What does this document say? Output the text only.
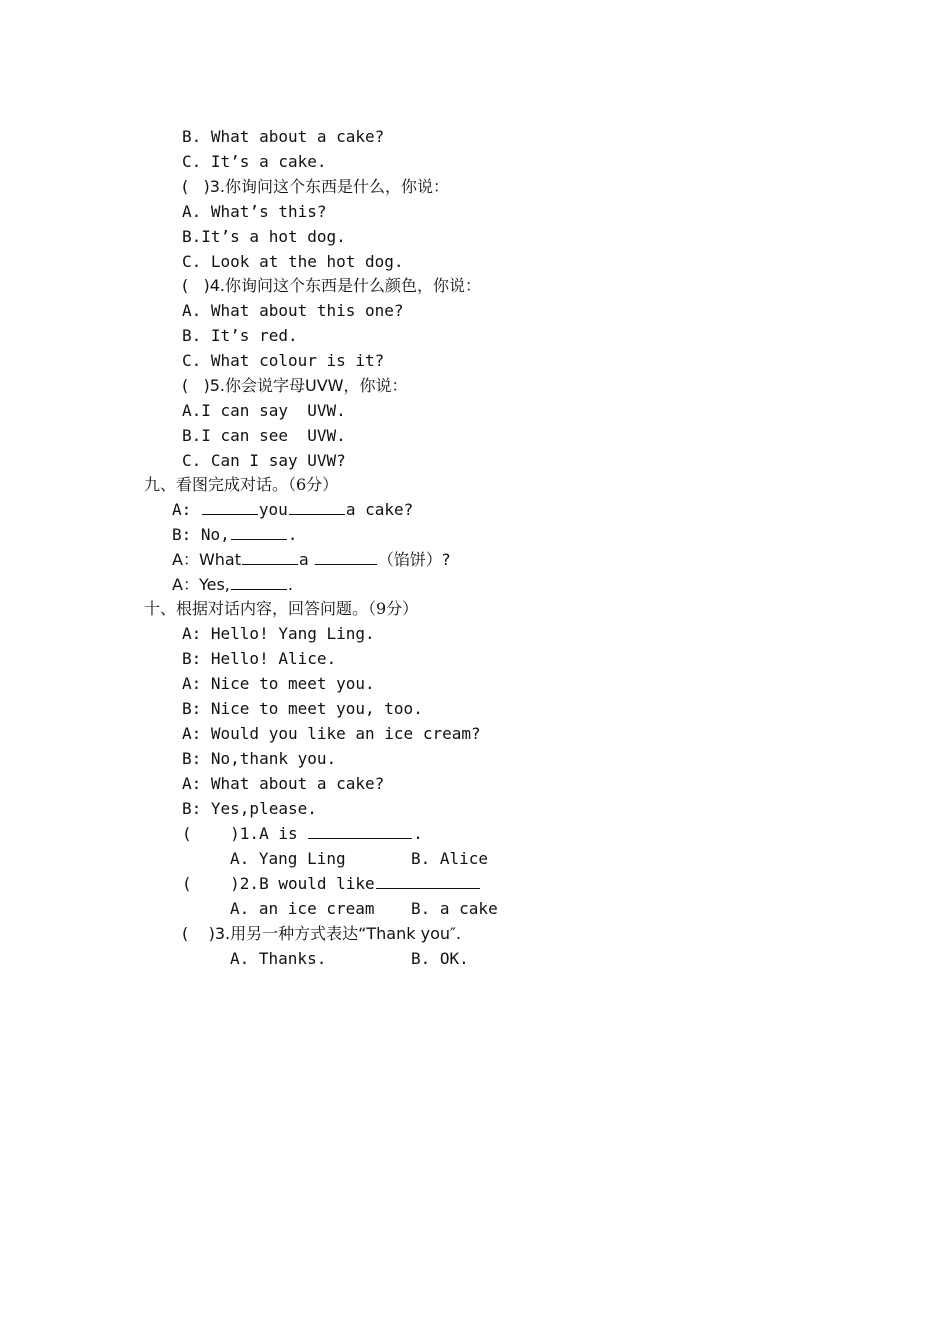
B. What about a cake?
C. It’s a cake.
(   )3.你询问这个东西是什么，你说：
A. What’s this?
B.It’s a hot dog.
C. Look at the hot dog.
(   )4.你询问这个东西是什么颜色，你说：
A. What about this one?
B. It’s red.
C. What colour is it?
(   )5.你会说字母UVW，你说：
A.I can say  UVW.
B.I can see  UVW.
C. Can I say UVW?
九、看图完成对话。（6分）
A:	you	a cake?
B: No,	.
A：What	a	（馅饼）?
A：Yes,	.
十、根据对话内容，回答问题。（9分）
A: Hello! Yang Ling.
B: Hello! Alice.
A: Nice to meet you.
B: Nice to meet you, too.
A: Would you like an ice cream?
B: No,thank you.
A: What about a cake?
B: Yes,please.
(    )1.A is	.
A. Yang Ling	B. Alice
(    )2.B would like
A. an ice cream B. a cake
(    )3.用另一种方式表达“Thank you″.
A. Thanks.	B. OK.
